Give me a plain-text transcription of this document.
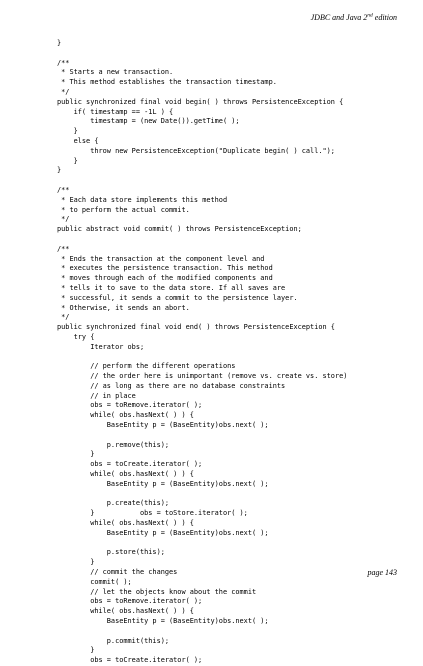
JDBC and Java 2nd edition
}
/**
* Starts a new transaction.
* This method establishes the transaction timestamp.
*/
public synchronized final void begin( ) throws PersistenceException {
if( timestamp == -1L ) {
timestamp = (new Date()).getTime( );
}
else {
throw new PersistenceException("Duplicate begin( ) call.");
}
}
/**
* Each data store implements this method
* to perform the actual commit.
*/
public abstract void commit( ) throws PersistenceException;
/**
* Ends the transaction at the component level and
* executes the persistence transaction. This method
* moves through each of the modified components and
* tells it to save to the data store. If all saves are
* successful, it sends a commit to the persistence layer.
* Otherwise, it sends an abort.
*/
public synchronized final void end( ) throws PersistenceException {
try {
Iterator obs;
// perform the different operations
// the order here is unimportant (remove vs. create vs. store)
// as long as there are no database constraints
// in place
obs = toRemove.iterator( );
while( obs.hasNext( ) ) {
BaseEntity p = (BaseEntity)obs.next( );
p.remove(this);
}
obs = toCreate.iterator( );
while( obs.hasNext( ) ) {
BaseEntity p = (BaseEntity)obs.next( );
p.create(this);
}           obs = toStore.iterator( );
while( obs.hasNext( ) ) {
BaseEntity p = (BaseEntity)obs.next( );
p.store(this);
}
// commit the changes
commit( );
// let the objects know about the commit
obs = toRemove.iterator( );
while( obs.hasNext( ) ) {
BaseEntity p = (BaseEntity)obs.next( );
p.commit(this);
}
obs = toCreate.iterator( );
page 143
